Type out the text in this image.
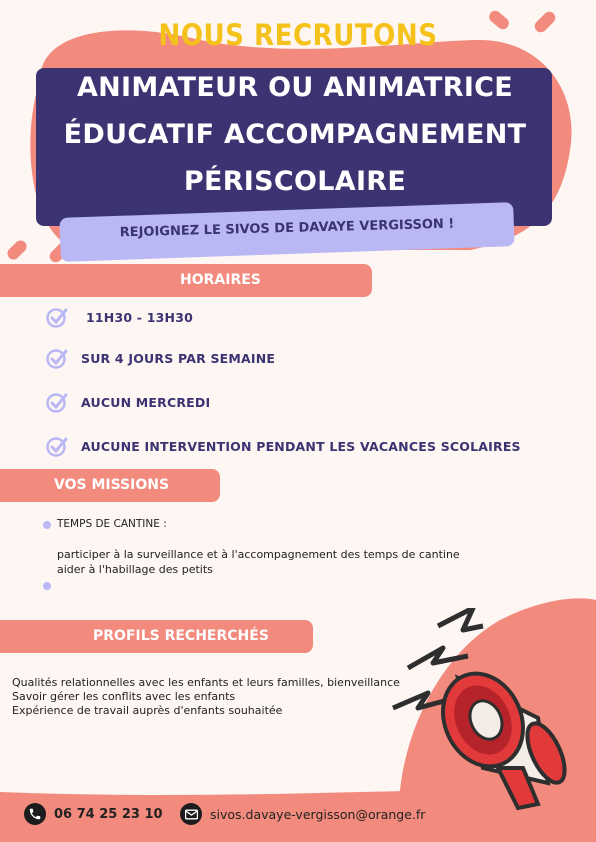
NOUS RECRUTONS
ANIMATEUR OU ANIMATRICE
ÉDUCATIF ACCOMPAGNEMENT
PÉRISCOLAIRE
REJOIGNEZ LE SIVOS DE DAVAYE VERGISSON !
HORAIRES
11H30 - 13H30
SUR 4 JOURS PAR SEMAINE
AUCUN MERCREDI
AUCUNE INTERVENTION PENDANT LES VACANCES SCOLAIRES
VOS MISSIONS
TEMPS DE CANTINE :
participer à la surveillance et à l'accompagnement des temps de cantine
aider à l'habillage des petits
PROFILS RECHERCHÉS
Qualités relationnelles avec les enfants et leurs familles, bienveillance
Savoir gérer les conflits avec les enfants
Expérience de travail auprès d'enfants souhaitée
06 74 25 23 10	sivos.davaye-vergisson@orange.fr
